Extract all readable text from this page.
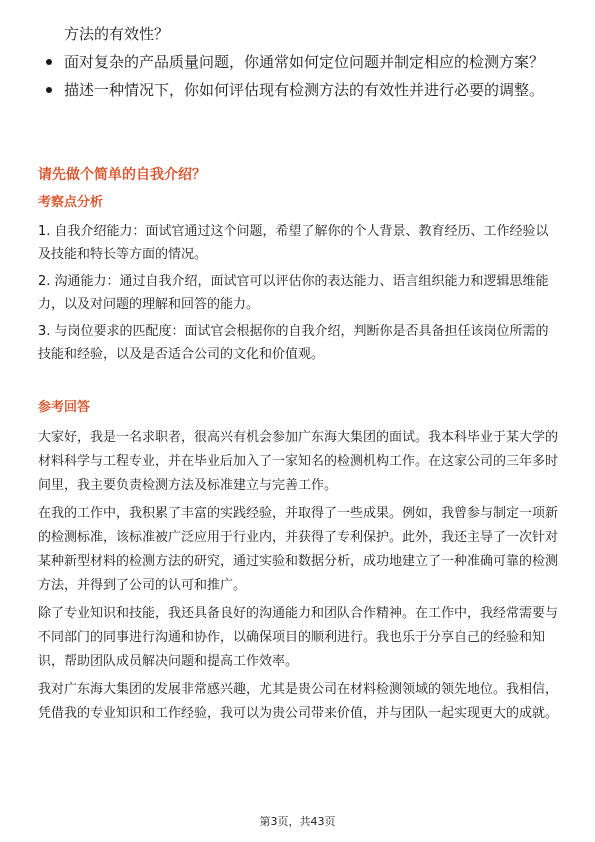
方法的有效性？
面对复杂的产品质量问题，你通常如何定位问题并制定相应的检测方案？
描述一种情况下，你如何评估现有检测方法的有效性并进行必要的调整。
请先做个简单的自我介绍？
考察点分析

1. 自我介绍能力：面试官通过这个问题，希望了解你的个人背景、教育经历、工作经验以及技能和特长等方面的情况。

2. 沟通能力：通过自我介绍，面试官可以评估你的表达能力、语言组织能力和逻辑思维能力，以及对问题的理解和回答的能力。

3. 与岗位要求的匹配度：面试官会根据你的自我介绍，判断你是否具备担任该岗位所需的技能和经验，以及是否适合公司的文化和价值观。

参考回答

大家好，我是一名求职者，很高兴有机会参加广东海大集团的面试。我本科毕业于某大学的材料科学与工程专业，并在毕业后加入了一家知名的检测机构工作。在这家公司的三年多时间里，我主要负责检测方法及标准建立与完善工作。

在我的工作中，我积累了丰富的实践经验，并取得了一些成果。例如，我曾参与制定一项新的检测标准，该标准被广泛应用于行业内，并获得了专利保护。此外，我还主导了一次针对某种新型材料的检测方法的研究，通过实验和数据分析，成功地建立了一种准确可靠的检测方法，并得到了公司的认可和推广。

除了专业知识和技能，我还具备良好的沟通能力和团队合作精神。在工作中，我经常需要与不同部门的同事进行沟通和协作，以确保项目的顺利进行。我也乐于分享自己的经验和知识，帮助团队成员解决问题和提高工作效率。

我对广东海大集团的发展非常感兴趣，尤其是贵公司在材料检测领域的领先地位。我相信，凭借我的专业知识和工作经验，我可以为贵公司带来价值，并与团队一起实现更大的成就。

第3页，共43页
